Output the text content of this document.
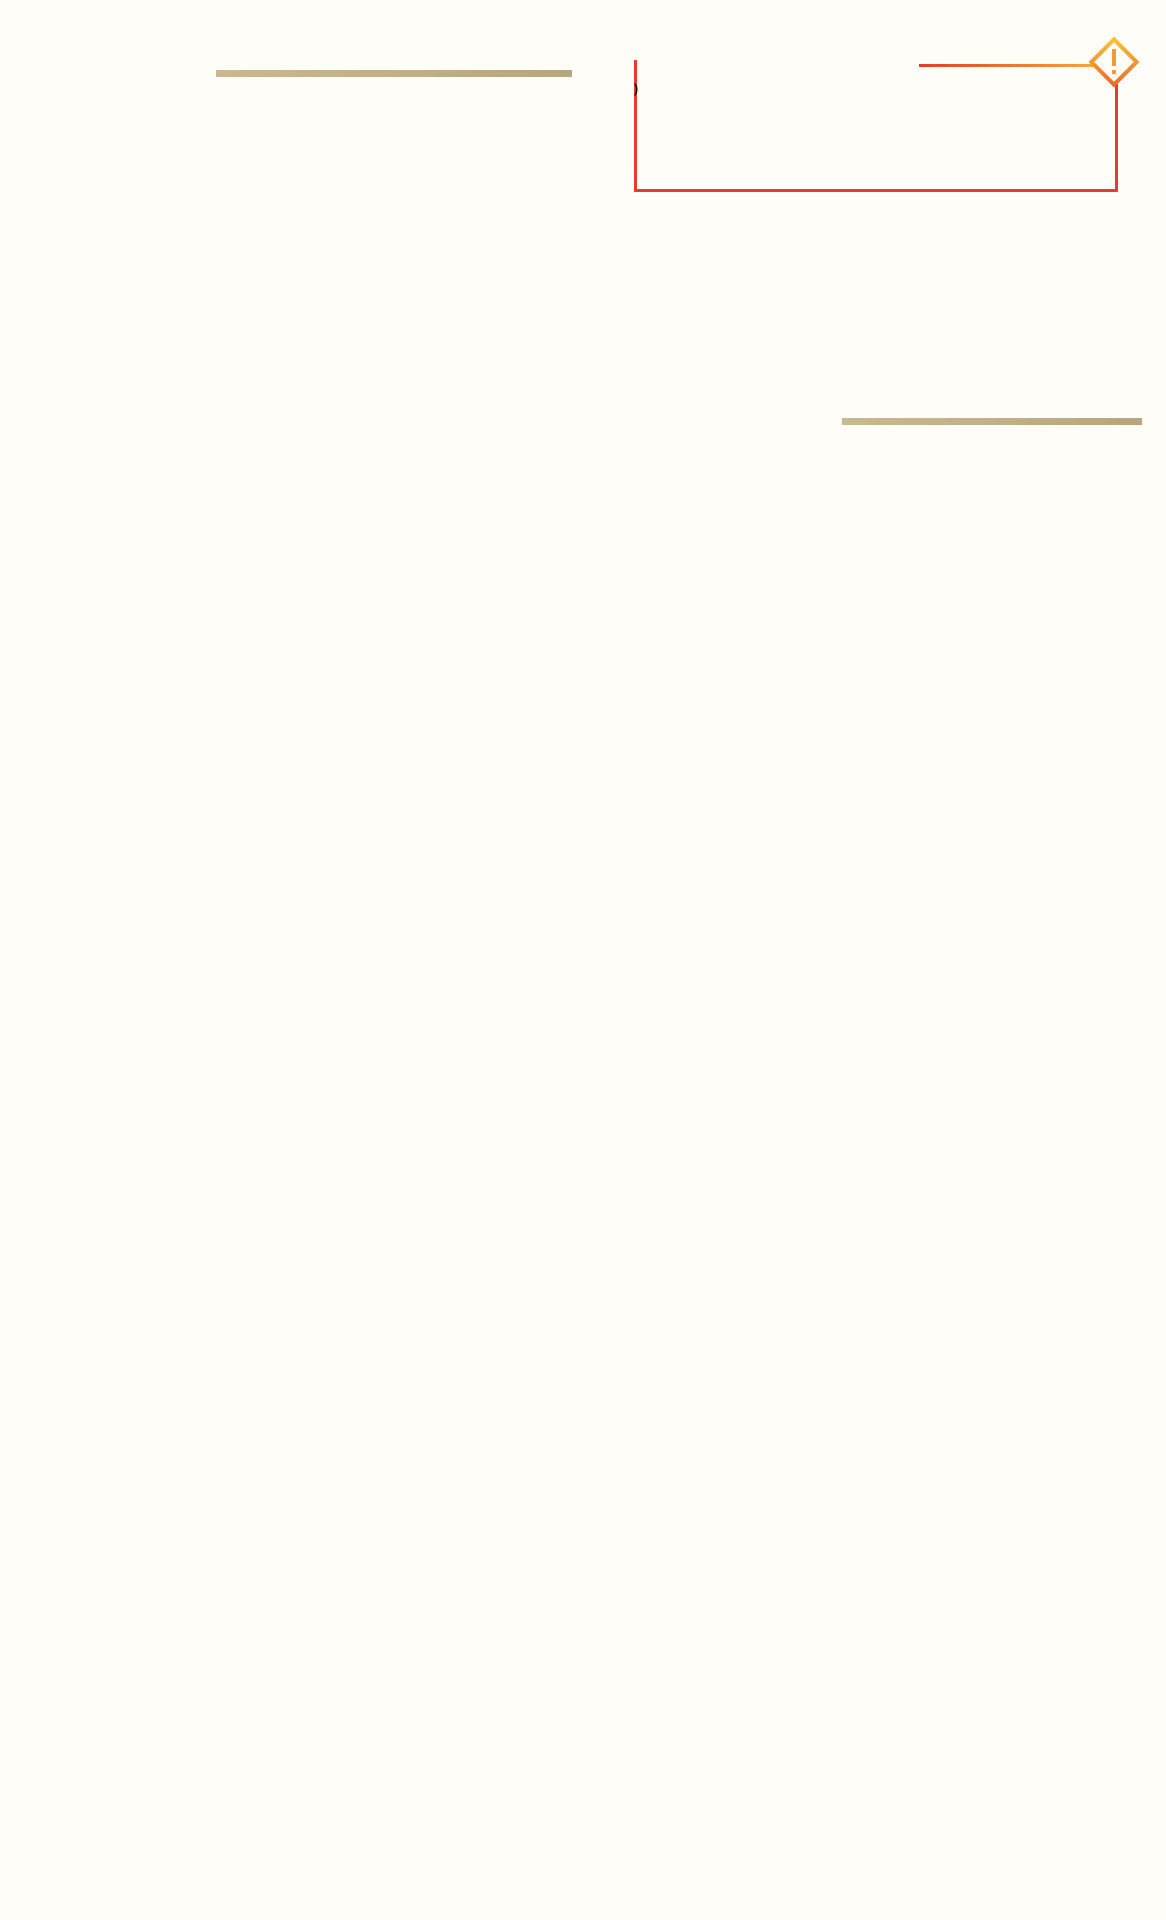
)
